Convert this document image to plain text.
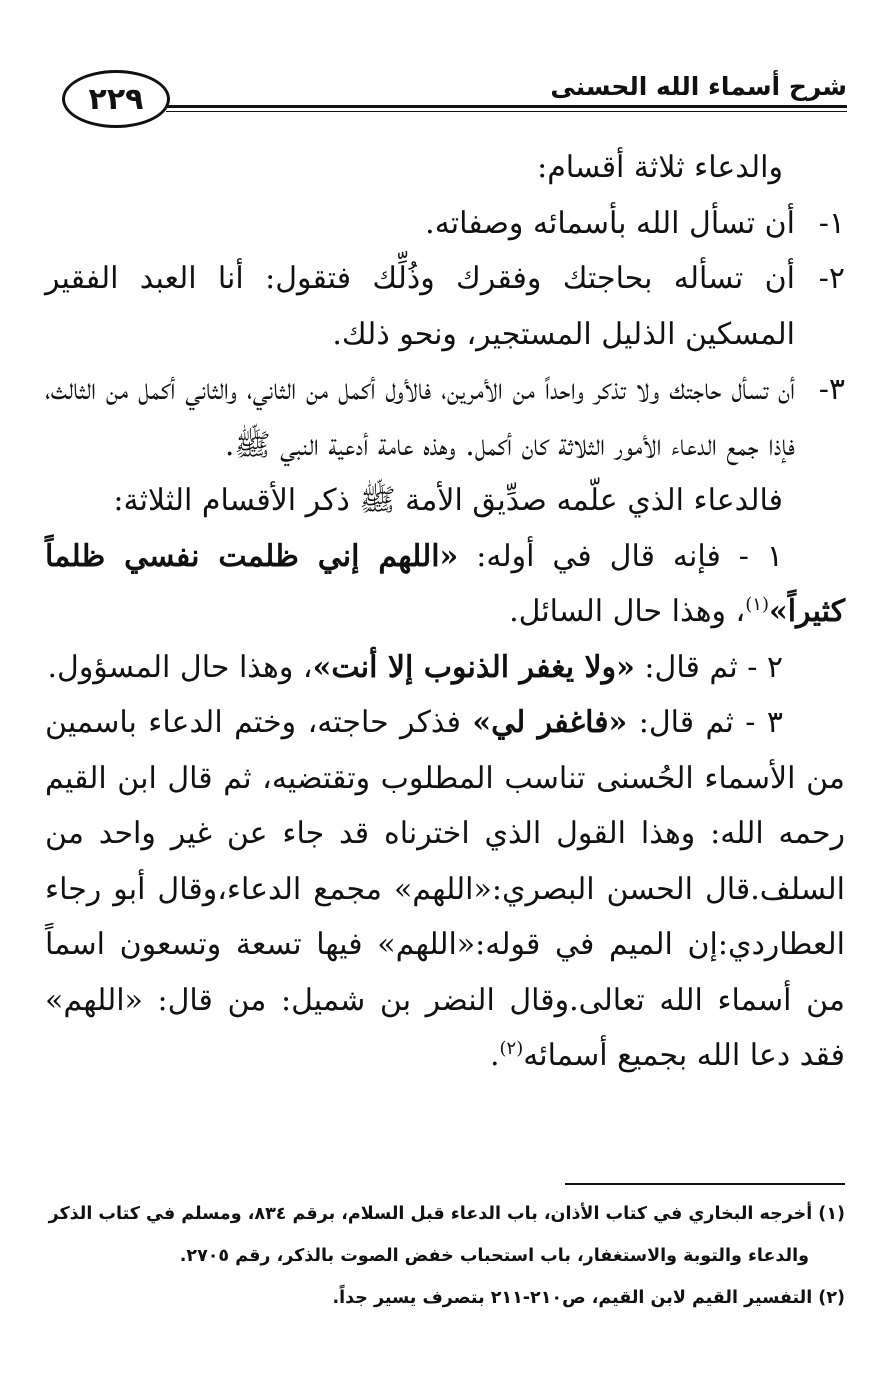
٢٢٩	شرح أسماء الله الحسنى

والدعاء ثلاثة أقسام:

١-
أن تسأل الله بأسمائه وصفاته.
٢-
أن تسأله بحاجتك وفقرك وذُلِّك فتقول: أنا العبد الفقير المسكين الذليل المستجير، ونحو ذلك.
٣-
أن تسأل حاجتك ولا تذكر واحداً من الأمرين، فالأول أكمل من الثاني، والثاني أكمل من الثالث، فإذا جمع الدعاء الأمور الثلاثة كان أكمل. وهذه عامة أدعية النبي ﷺ.

فالدعاء الذي علّمه صدِّيق الأمة ﷺ ذكر الأقسام الثلاثة:

١ - فإنه قال في أوله: «اللهم إني ظلمت نفسي ظلماً كثيراً»$^{(١)}$، وهذا حال السائل.

٢ - ثم قال: «ولا يغفر الذنوب إلا أنت»، وهذا حال المسؤول.

٣ - ثم قال: «فاغفر لي» فذكر حاجته، وختم الدعاء باسمين من الأسماء الحُسنى تناسب المطلوب وتقتضيه، ثم قال ابن القيم رحمه الله: وهذا القول الذي اخترناه قد جاء عن غير واحد من السلف.قال الحسن البصري:«اللهم» مجمع الدعاء،وقال أبو رجاء العطاردي:إن الميم في قوله:«اللهم» فيها تسعة وتسعون اسماً من أسماء الله تعالى.وقال النضر بن شميل: من قال: «اللهم» فقد دعا الله بجميع أسمائه$^{(٢)}$.

(١) أخرجه البخاري في كتاب الأذان، باب الدعاء قبل السلام، برقم ٨٣٤، ومسلم في كتاب الذكر

والدعاء والتوبة والاستغفار، باب استحباب خفض الصوت بالذكر، رقم ٢٧٠٥.

(٢) التفسير القيم لابن القيم، ص٢١٠-٢١١ بتصرف يسير جداً.
